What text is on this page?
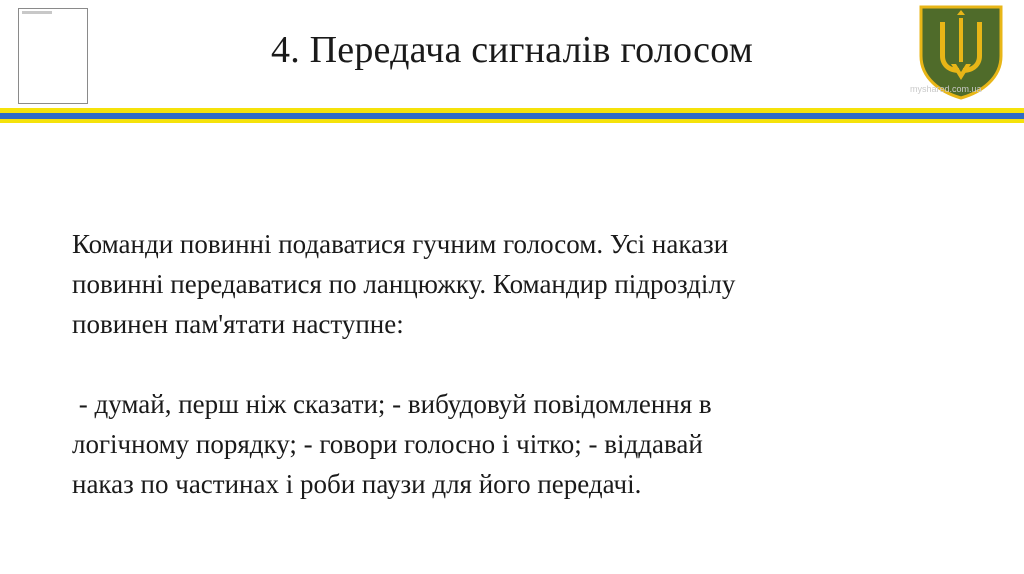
4. Передача сигналів голосом
myshared.com.ua
Команди повинні подаватися гучним голосом. Усі накази
повинні передаватися по ланцюжку. Командир підрозділу
повинен пам'ятати наступне:
- думай, перш ніж сказати; - вибудовуй повідомлення в
логічному порядку; - говори голосно і чітко; - віддавай
наказ по частинах і роби паузи для його передачі.
